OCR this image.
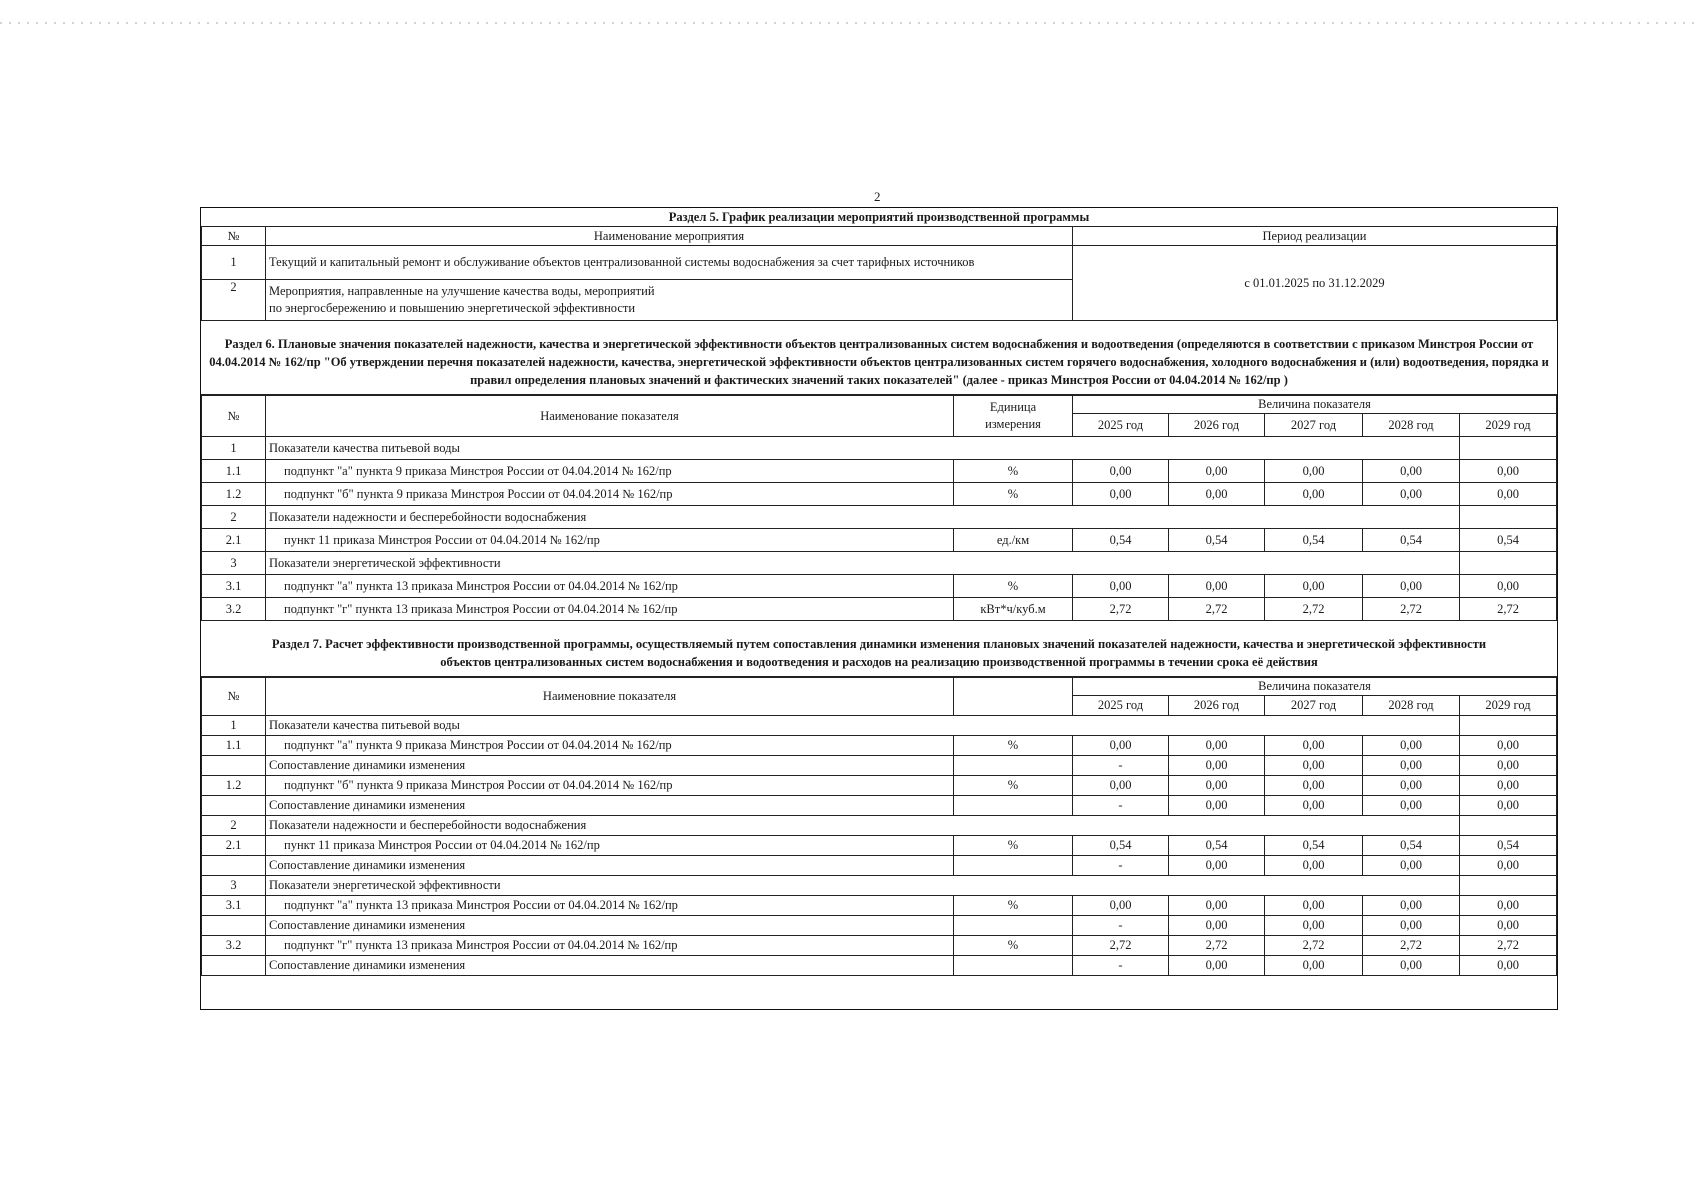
2
Раздел 5. График реализации мероприятий производственной программы		
№	Наименование мероприятия	Период реализации
1	Текущий и капитальный ремонт и обслуживание объектов централизованной системы водоснабжения за счет тарифных источников	с 01.01.2025 по 31.12.2029
2	Мероприятия, направленные на улучшение качества воды, мероприятий
по энергосбережению и повышению энергетической эффективности	
Раздел 6. Плановые значения показателей надежности, качества и энергетической эффективности объектов централизованных систем водоснабжения и водоотведения (определяются в соответствии с приказом Минстроя России от 04.04.2014 № 162/пр "Об утверждении перечня показателей надежности, качества, энергетической эффективности объектов централизованных систем горячего водоснабжения, холодного водоснабжения и (или) водоотведения, порядка и правил определения плановых значений и фактических значений таких показателей" (далее - приказ Минстроя России от 04.04.2014 № 162/пр )
№	Наименование показателя	Единица
измерения	Величина показателя				
			2025 год	2026 год	2027 год	2028 год	2029 год
1	Показатели качества питьевой воды						
1.1	подпункт "а" пункта 9 приказа Минстроя России от 04.04.2014 № 162/пр	%	0,00	0,00	0,00	0,00	0,00
1.2	подпункт "б" пункта 9 приказа Минстроя России от 04.04.2014 № 162/пр	%	0,00	0,00	0,00	0,00	0,00
2	Показатели надежности и бесперебойности водоснабжения						
2.1	пункт 11 приказа Минстроя России от 04.04.2014 № 162/пр	ед./км	0,54	0,54	0,54	0,54	0,54
3	Показатели энергетической эффективности						
3.1	подпункт "а" пункта 13 приказа Минстроя России от 04.04.2014 № 162/пр	%	0,00	0,00	0,00	0,00	0,00
3.2	подпункт "г" пункта 13 приказа Минстроя России от 04.04.2014 № 162/пр	кВт*ч/куб.м	2,72	2,72	2,72	2,72	2,72
Раздел 7. Расчет эффективности производственной программы, осуществляемый путем сопоставления динамики изменения плановых значений показателей надежности, качества и энергетической эффективности объектов централизованных систем водоснабжения и водоотведения и расходов на реализацию производственной программы в течении срока её действия
№	Наименовние показателя		Величина показателя				
			2025 год	2026 год	2027 год	2028 год	2029 год
1	Показатели качества питьевой воды						
1.1	подпункт "а" пункта 9 приказа Минстроя России от 04.04.2014 № 162/пр	%	0,00	0,00	0,00	0,00	0,00
	Сопоставление динамики изменения		-	0,00	0,00	0,00	0,00
1.2	подпункт "б" пункта 9 приказа Минстроя России от 04.04.2014 № 162/пр	%	0,00	0,00	0,00	0,00	0,00
	Сопоставление динамики изменения		-	0,00	0,00	0,00	0,00
2	Показатели надежности и бесперебойности водоснабжения						
2.1	пункт 11 приказа Минстроя России от 04.04.2014 № 162/пр	%	0,54	0,54	0,54	0,54	0,54
	Сопоставление динамики изменения		-	0,00	0,00	0,00	0,00
3	Показатели энергетической эффективности						
3.1	подпункт "а" пункта 13 приказа Минстроя России от 04.04.2014 № 162/пр	%	0,00	0,00	0,00	0,00	0,00
	Сопоставление динамики изменения		-	0,00	0,00	0,00	0,00
3.2	подпункт "г" пункта 13 приказа Минстроя России от 04.04.2014 № 162/пр	%	2,72	2,72	2,72	2,72	2,72
	Сопоставление динамики изменения		-	0,00	0,00	0,00	0,00
